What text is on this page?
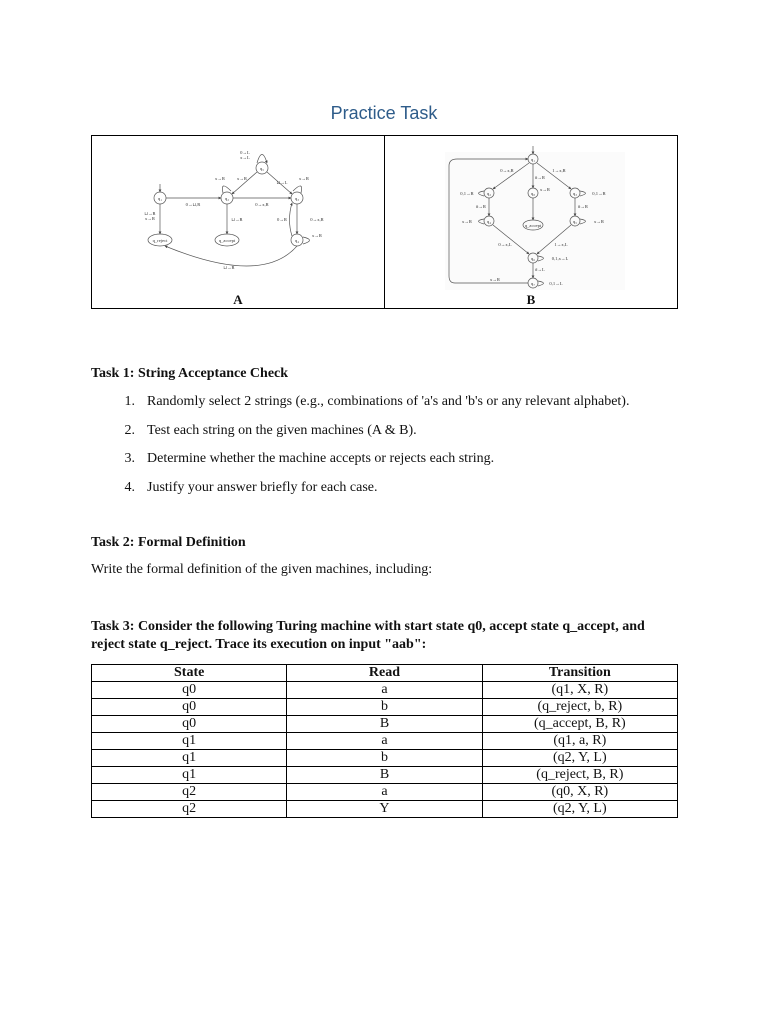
Practice Task
q₁	q₂	q₃
q₄
q₅
q_reject	q_accept
0→L
x→L
x→R	x→R	x→R
⊔→R
x→R
⊔→L
0→⊔,R	0→x,R
⊔→R	0→R	0→x,R
x→R
⊔→R
A
q₁
q₂	q₃
q₄	q₅
q₆
q₇
q₈
q_accept
0→x,R	1→x,R
#→R
0,1→R	0,1→R
x→R
#→R	#→R
x→R	x→R
0→x,L	1→x,L
0,1,x→L
#→L
0,1→L
x→R
B
Task 1: String Acceptance Check
1. Randomly select 2 strings (e.g., combinations of 'a's and 'b's or any relevant alphabet).
2. Test each string on the given machines (A & B).
3. Determine whether the machine accepts or rejects each string.
4. Justify your answer briefly for each case.
Task 2: Formal Definition
Write the formal definition of the given machines, including:
Task 3: Consider the following Turing machine with start state q0, accept state q_accept, and reject state q_reject. Trace its execution on input "aab":
State	Read	Transition
q0	a	(q1, X, R)
q0	b	(q_reject, b, R)
q0	B	(q_accept, B, R)
q1	a	(q1, a, R)
q1	b	(q2, Y, L)
q1	B	(q_reject, B, R)
q2	a	(q0, X, R)
q2	Y	(q2, Y, L)
